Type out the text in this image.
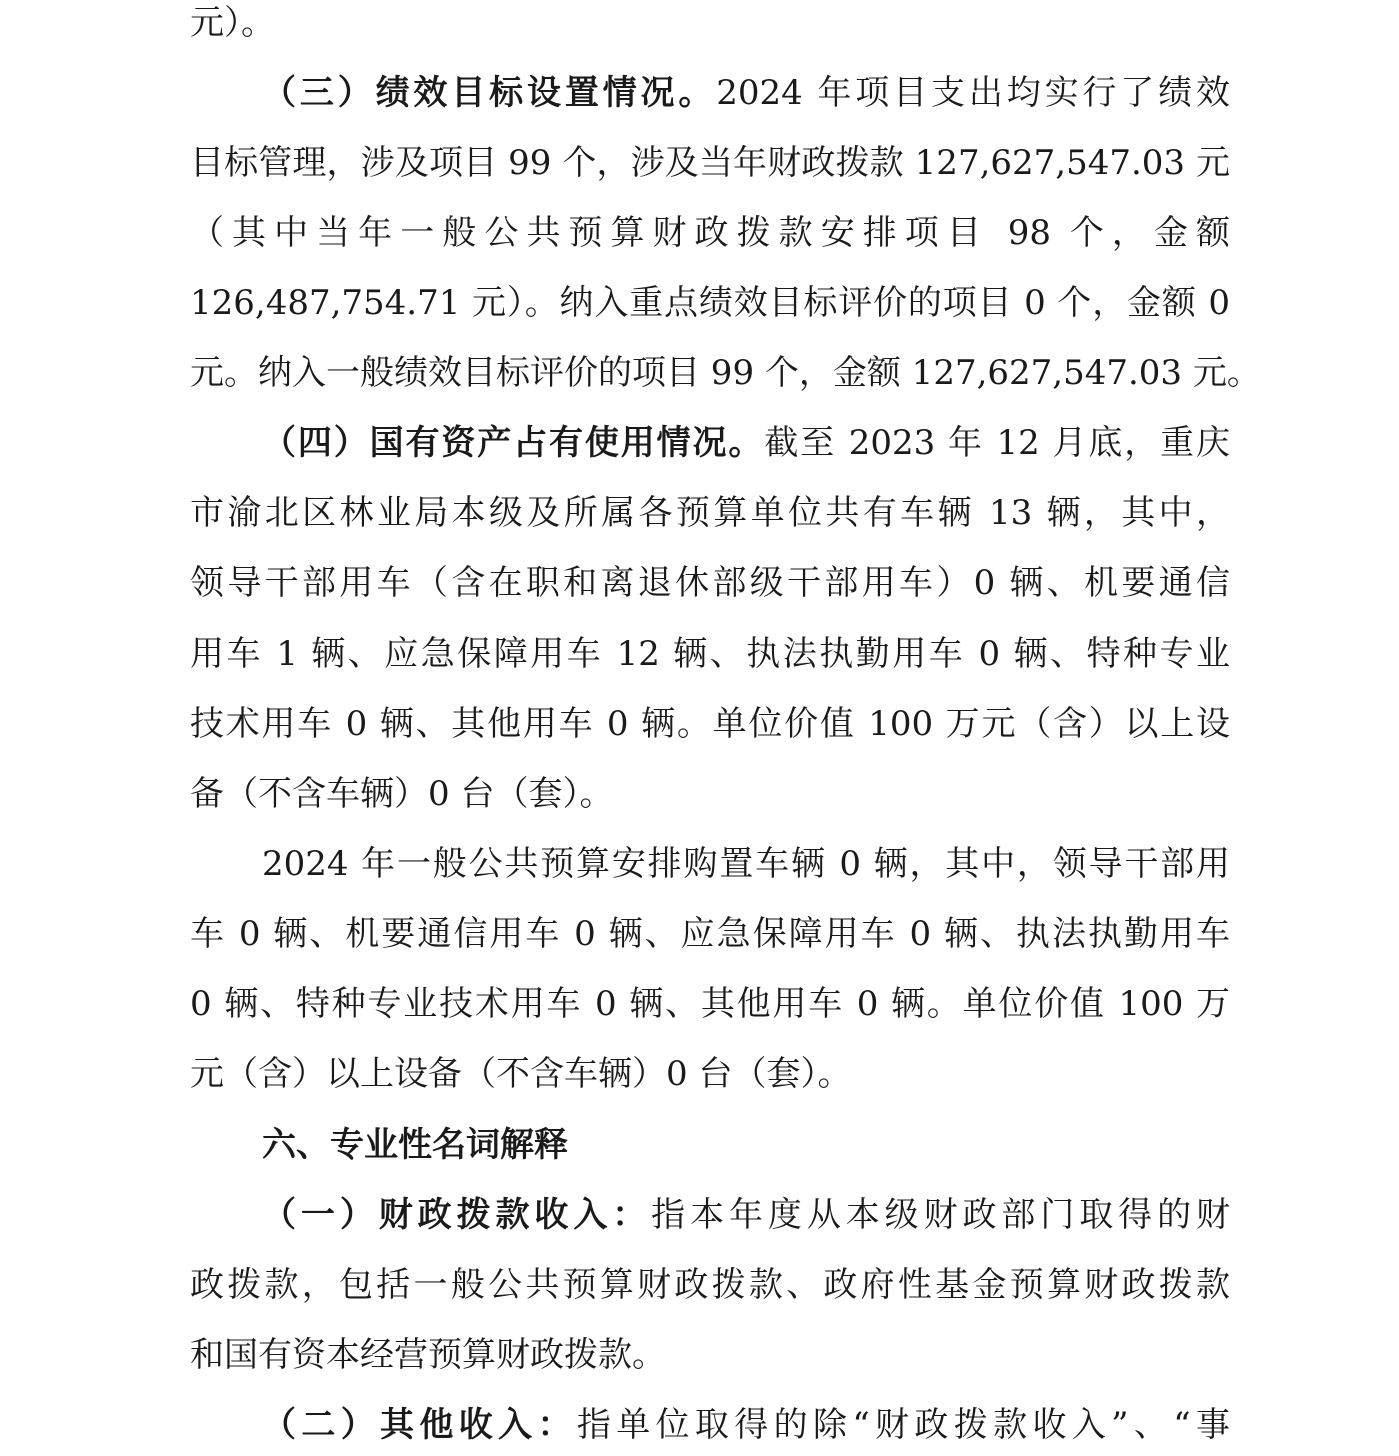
元）。
（三）绩效目标设置情况。2024 年项目支出均实行了绩效
目标管理，涉及项目 99 个，涉及当年财政拨款 127,627,547.03 元
（其中当年一般公共预算财政拨款安排项目 98 个，金额
126,487,754.71 元）。纳入重点绩效目标评价的项目 0 个，金额 0
元。纳入一般绩效目标评价的项目 99 个，金额 127,627,547.03 元。
（四）国有资产占有使用情况。截至 2023 年 12 月底，重庆
市渝北区林业局本级及所属各预算单位共有车辆 13 辆，其中，
领导干部用车（含在职和离退休部级干部用车）0 辆、机要通信
用车 1 辆、应急保障用车 12 辆、执法执勤用车 0 辆、特种专业
技术用车 0 辆、其他用车 0 辆。单位价值 100 万元（含）以上设
备（不含车辆）0 台（套）。
2024 年一般公共预算安排购置车辆 0 辆，其中，领导干部用
车 0 辆、机要通信用车 0 辆、应急保障用车 0 辆、执法执勤用车
0 辆、特种专业技术用车 0 辆、其他用车 0 辆。单位价值 100 万
元（含）以上设备（不含车辆）0 台（套）。
六、专业性名词解释
（一）财政拨款收入：指本年度从本级财政部门取得的财
政拨款，包括一般公共预算财政拨款、政府性基金预算财政拨款
和国有资本经营预算财政拨款。
（二）其他收入：指单位取得的除“财政拨款收入”、“事
